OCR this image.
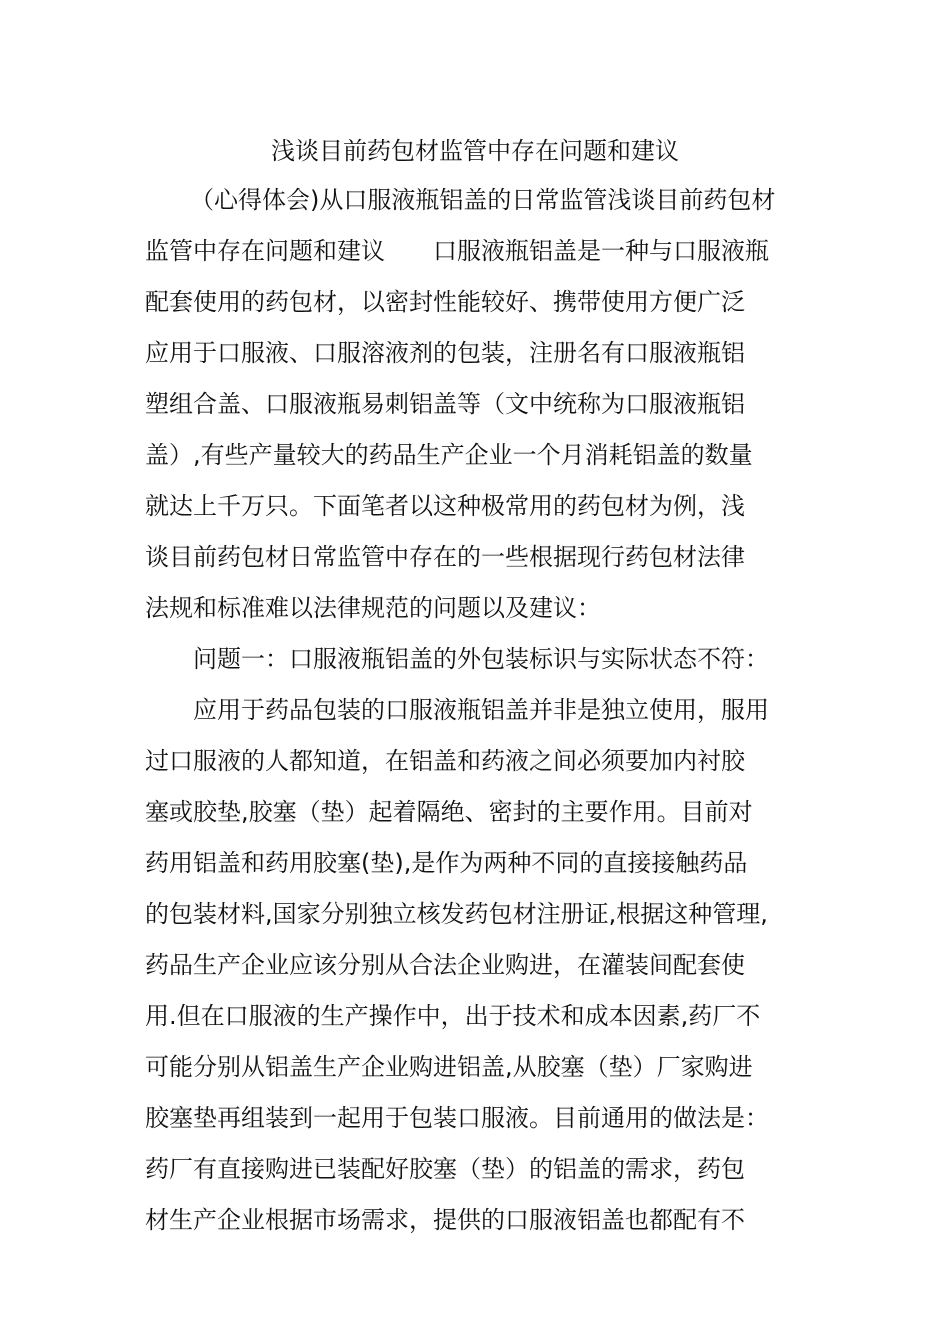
浅谈目前药包材监管中存在问题和建议
（心得体会)从口服液瓶铝盖的日常监管浅谈目前药包材
监管中存在问题和建议　　口服液瓶铝盖是一种与口服液瓶
配套使用的药包材，以密封性能较好、携带使用方便广泛
应用于口服液、口服溶液剂的包装，注册名有口服液瓶铝
塑组合盖、口服液瓶易刺铝盖等（文中统称为口服液瓶铝
盖）,有些产量较大的药品生产企业一个月消耗铝盖的数量
就达上千万只。下面笔者以这种极常用的药包材为例，浅
谈目前药包材日常监管中存在的一些根据现行药包材法律
法规和标准难以法律规范的问题以及建议：
问题一：口服液瓶铝盖的外包装标识与实际状态不符：
应用于药品包装的口服液瓶铝盖并非是独立使用，服用
过口服液的人都知道，在铝盖和药液之间必须要加内衬胶
塞或胶垫,胶塞（垫）起着隔绝、密封的主要作用。目前对
药用铝盖和药用胶塞(垫),是作为两种不同的直接接触药品
的包装材料,国家分别独立核发药包材注册证,根据这种管理,
药品生产企业应该分别从合法企业购进，在灌装间配套使
用.但在口服液的生产操作中，出于技术和成本因素,药厂不
可能分别从铝盖生产企业购进铝盖,从胶塞（垫）厂家购进
胶塞垫再组装到一起用于包装口服液。目前通用的做法是：
药厂有直接购进已装配好胶塞（垫）的铝盖的需求，药包
材生产企业根据市场需求，提供的口服液铝盖也都配有不
